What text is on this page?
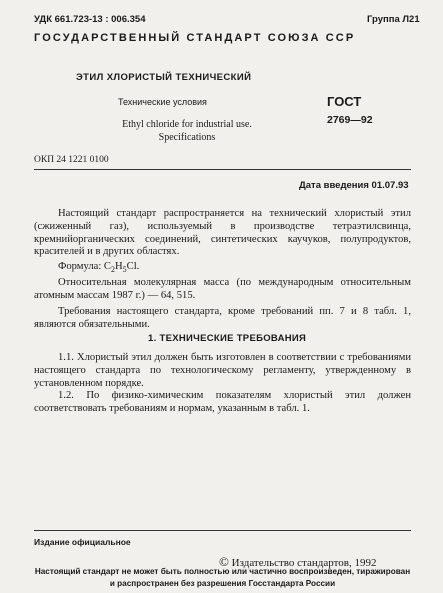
УДК 661.723-13 : 006.354	Группа Л21
ГОСУДАРСТВЕННЫЙ СТАНДАРТ СОЮЗА ССР
ЭТИЛ ХЛОРИСТЫЙ ТЕХНИЧЕСКИЙ
Технические условия
Ethyl chloride for industrial use. Specifications
ГОСТ
2769—92
ОКП 24 1221 0100
Дата введения 01.07.93
Настоящий стандарт распространяется на технический хлористый этил (сжиженный газ), используемый в производстве тетраэтилсвинца, кремнийорганических соединений, синтетических каучуков, полупродуктов, красителей и в других областях.
Формула: $C_2H_5Cl$.
Относительная молекулярная масса (по международным относительным атомным массам 1987 г.) — 64, 515.
Требования настоящего стандарта, кроме требований пп. 7 и 8 табл. 1, являются обязательными.
1. ТЕХНИЧЕСКИЕ ТРЕБОВАНИЯ
1.1. Хлористый этил должен быть изготовлен в соответствии с требованиями настоящего стандарта по технологическому регламенту, утвержденному в установленном порядке.
1.2. По физико-химическим показателям хлористый этил должен соответствовать требованиям и нормам, указанным в табл. 1.
Издание официальное
© Издательство стандартов, 1992
Настоящий стандарт не может быть полностью или частично воспроизведен, тиражирован и распространен без разрешения Госстандарта России
